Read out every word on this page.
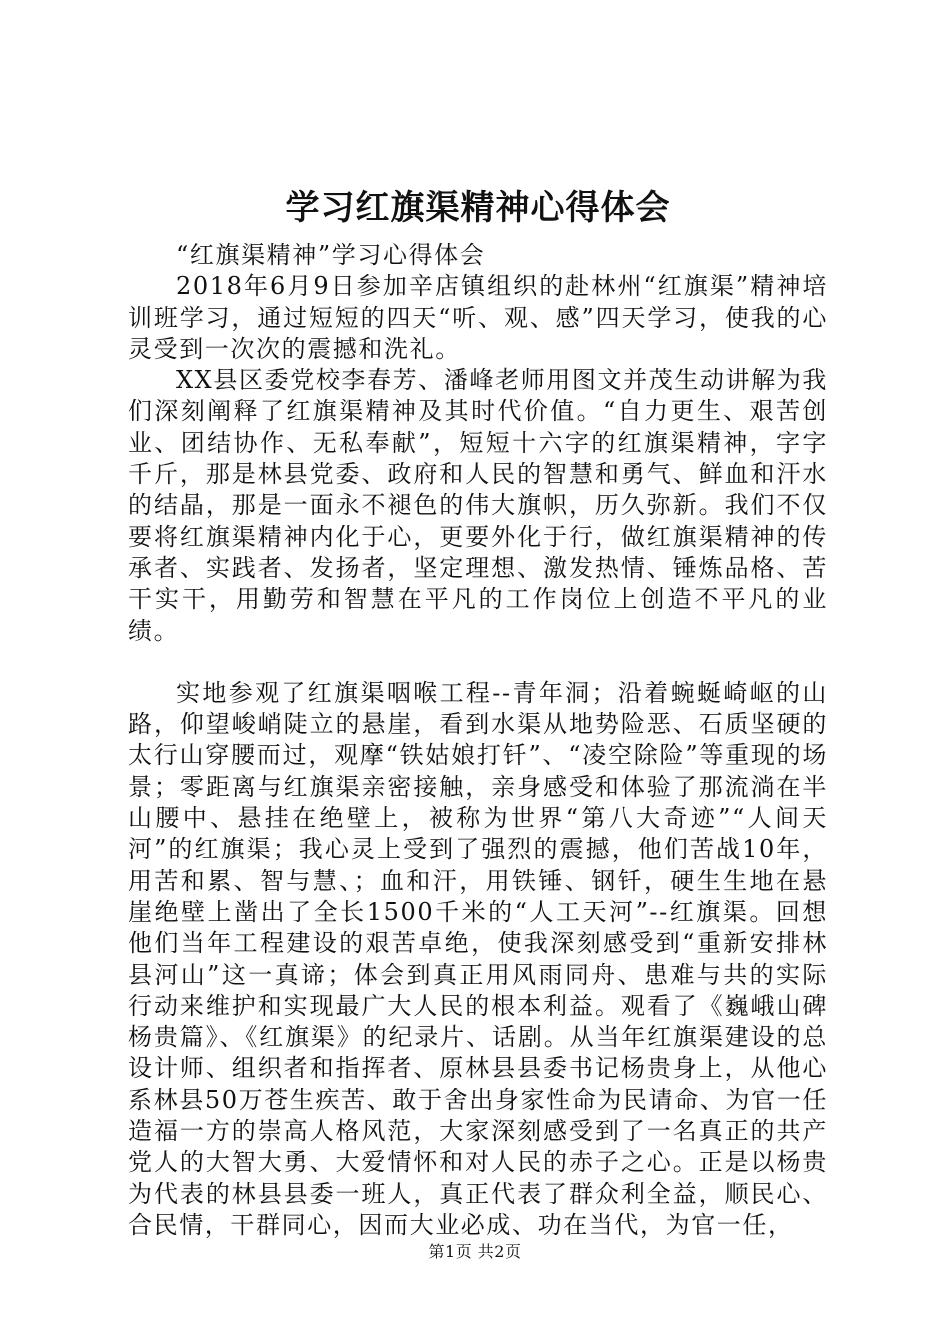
学习红旗渠精神心得体会

“红旗渠精神”学习心得体会

2018年6月9日参加辛店镇组织的赴林州“红旗渠”精神培训班学习，通过短短的四天“听、观、感”四天学习，使我的心灵受到一次次的震撼和洗礼。

XX县区委党校李春芳、潘峰老师用图文并茂生动讲解为我们深刻阐释了红旗渠精神及其时代价值。“自力更生、艰苦创业、团结协作、无私奉献”，短短十六字的红旗渠精神，字字千斤，那是林县党委、政府和人民的智慧和勇气、鲜血和汗水的结晶，那是一面永不褪色的伟大旗帜，历久弥新。我们不仅要将红旗渠精神内化于心，更要外化于行，做红旗渠精神的传承者、实践者、发扬者，坚定理想、激发热情、锤炼品格、苦干实干，用勤劳和智慧在平凡的工作岗位上创造不平凡的业绩。

实地参观了红旗渠咽喉工程--青年洞；沿着蜿蜒崎岖的山路，仰望峻峭陡立的悬崖，看到水渠从地势险恶、石质坚硬的太行山穿腰而过，观摩“铁姑娘打钎”、“凌空除险”等重现的场景；零距离与红旗渠亲密接触，亲身感受和体验了那流淌在半山腰中、悬挂在绝壁上，被称为世界“第八大奇迹”“人间天河”的红旗渠；我心灵上受到了强烈的震撼，他们苦战10年，用苦和累、智与慧、；血和汗，用铁锤、钢钎，硬生生地在悬崖绝壁上凿出了全长1500千米的“人工天河”--红旗渠。回想他们当年工程建设的艰苦卓绝，使我深刻感受到“重新安排林县河山”这一真谛；体会到真正用风雨同舟、患难与共的实际行动来维护和实现最广大人民的根本利益。观看了《巍峨山碑杨贵篇》、《红旗渠》的纪录片、话剧。从当年红旗渠建设的总设计师、组织者和指挥者、原林县县委书记杨贵身上，从他心系林县50万苍生疾苦、敢于舍出身家性命为民请命、为官一任造福一方的崇高人格风范，大家深刻感受到了一名真正的共产党人的大智大勇、大爱情怀和对人民的赤子之心。正是以杨贵为代表的林县县委一班人，真正代表了群众利全益，顺民心、合民情，干群同心，因而大业必成、功在当代，为官一任，

第1页 共2页
